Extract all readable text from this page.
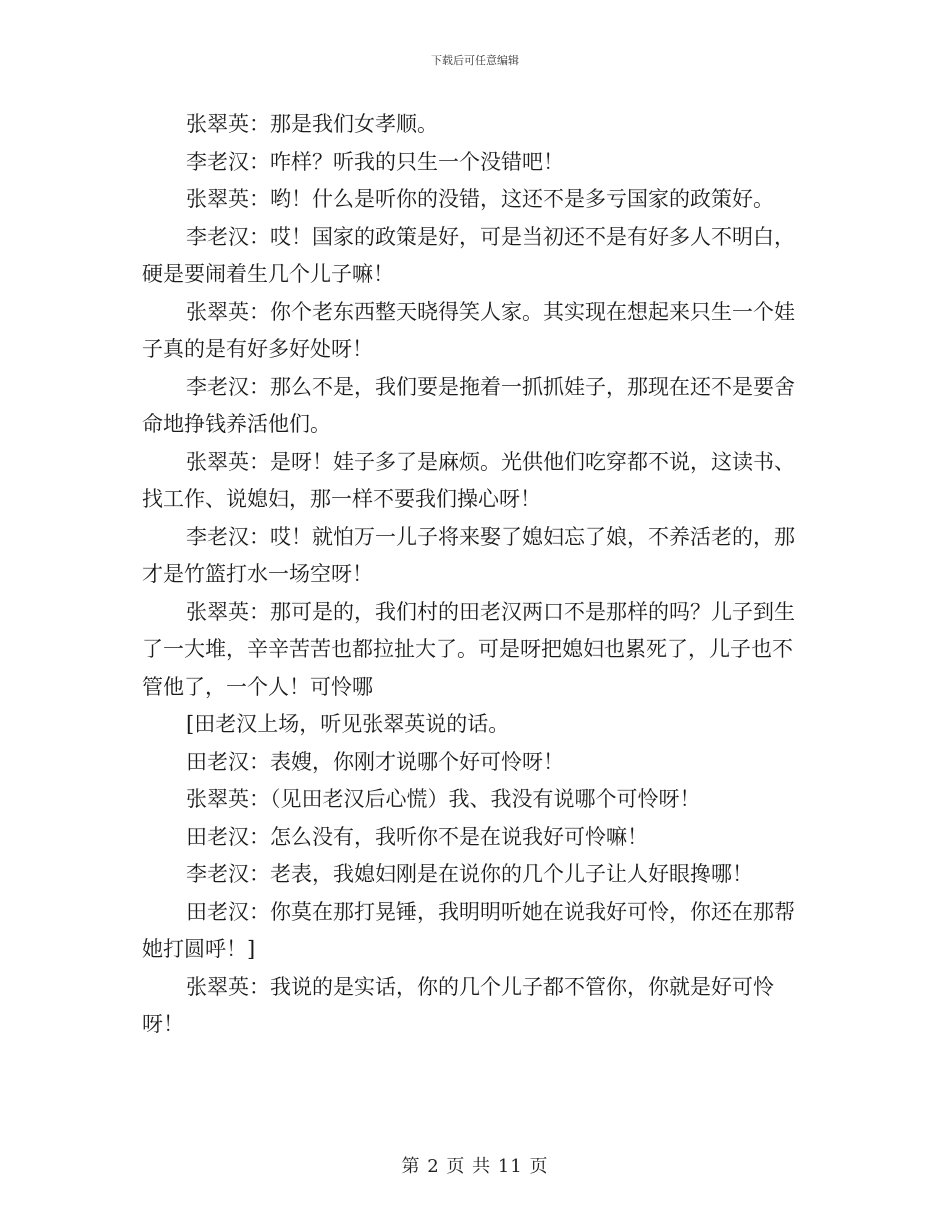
下载后可任意编辑

张翠英：那是我们女孝顺。

李老汉：咋样？听我的只生一个没错吧！

张翠英：哟！什么是听你的没错，这还不是多亏国家的政策好。

李老汉：哎！国家的政策是好，可是当初还不是有好多人不明白，硬是要闹着生几个儿子嘛！

张翠英：你个老东西整天晓得笑人家。其实现在想起来只生一个娃子真的是有好多好处呀！

李老汉：那么不是，我们要是拖着一抓抓娃子，那现在还不是要舍命地挣钱养活他们。

张翠英：是呀！娃子多了是麻烦。光供他们吃穿都不说，这读书、找工作、说媳妇，那一样不要我们操心呀！

李老汉：哎！就怕万一儿子将来娶了媳妇忘了娘，不养活老的，那才是竹篮打水一场空呀！

张翠英：那可是的，我们村的田老汉两口不是那样的吗？儿子到生了一大堆，辛辛苦苦也都拉扯大了。可是呀把媳妇也累死了，儿子也不管他了，一个人！可怜哪

[田老汉上场，听见张翠英说的话。

田老汉：表嫂，你刚才说哪个好可怜呀！

张翠英：（见田老汉后心慌）我、我没有说哪个可怜呀！

田老汉：怎么没有，我听你不是在说我好可怜嘛！

李老汉：老表，我媳妇刚是在说你的几个儿子让人好眼搀哪！

田老汉：你莫在那打晃锤，我明明听她在说我好可怜，你还在那帮她打圆呼！]

张翠英：我说的是实话，你的几个儿子都不管你，你就是好可怜呀！

第 2 页 共 11 页
